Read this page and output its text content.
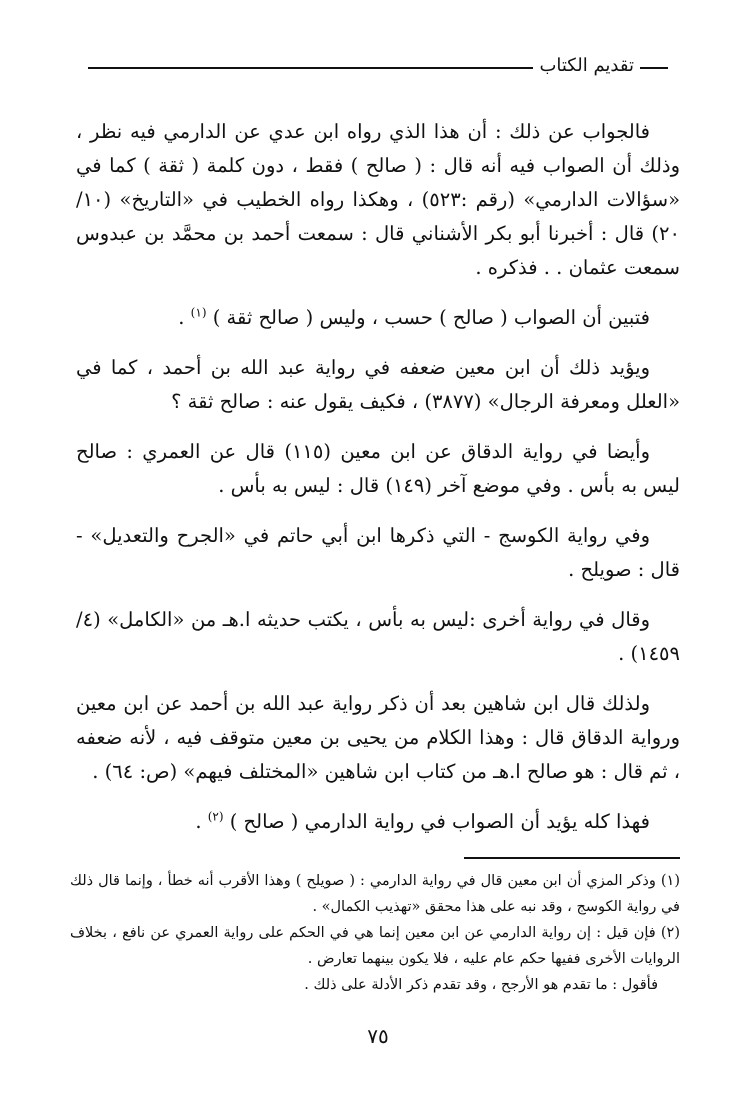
تقديم الكتاب

فالجواب عن ذلك : أن هذا الذي رواه ابن عدي عن الدارمي فيه نظر ، وذلك أن الصواب فيه أنه قال : ( صالح ) فقط ، دون كلمة ( ثقة ) كما في «سؤالات الدارمي» (رقم :٥٢٣) ، وهكذا رواه الخطيب في «التاريخ» (١٠/ ٢٠) قال : أخبرنا أبو بكر الأشناني قال : سمعت أحمد بن محمَّد بن عبدوس سمعت عثمان . . فذكره .

فتبين أن الصواب ( صالح ) حسب ، وليس ( صالح ثقة ) $^{(١)}$ .

ويؤيد ذلك أن ابن معين ضعفه في رواية عبد الله بن أحمد ، كما في «العلل ومعرفة الرجال» (٣٨٧٧) ، فكيف يقول عنه : صالح ثقة ؟

وأيضا في رواية الدقاق عن ابن معين (١١٥) قال عن العمري : صالح ليس به بأس . وفي موضع آخر (١٤٩) قال : ليس به بأس .

وفي رواية الكوسج - التي ذكرها ابن أبي حاتم في «الجرح والتعديل» - قال : صويلح .

وقال في رواية أخرى :ليس به بأس ، يكتب حديثه ا.هـ من «الكامل» (٤/ ١٤٥٩) .

ولذلك قال ابن شاهين بعد أن ذكر رواية عبد الله بن أحمد عن ابن معين ورواية الدقاق قال : وهذا الكلام من يحيى بن معين متوقف فيه ، لأنه ضعفه ، ثم قال : هو صالح ا.هـ من كتاب ابن شاهين «المختلف فيهم» (ص: ٦٤) .

فهذا كله يؤيد أن الصواب في رواية الدارمي ( صالح ) $^{(٢)}$ .

(١) وذكر المزي أن ابن معين قال في رواية الدارمي : ( صويلح ) وهذا الأقرب أنه خطأ ، وإنما قال ذلك في رواية الكوسج ، وقد نبه على هذا محقق «تهذيب الكمال» .

(٢) فإن قيل : إن رواية الدارمي عن ابن معين إنما هي في الحكم على رواية العمري عن نافع ، بخلاف الروايات الأخرى ففيها حكم عام عليه ، فلا يكون بينهما تعارض .

فأقول : ما تقدم هو الأرجح ، وقد تقدم ذكر الأدلة على ذلك .

٧٥
